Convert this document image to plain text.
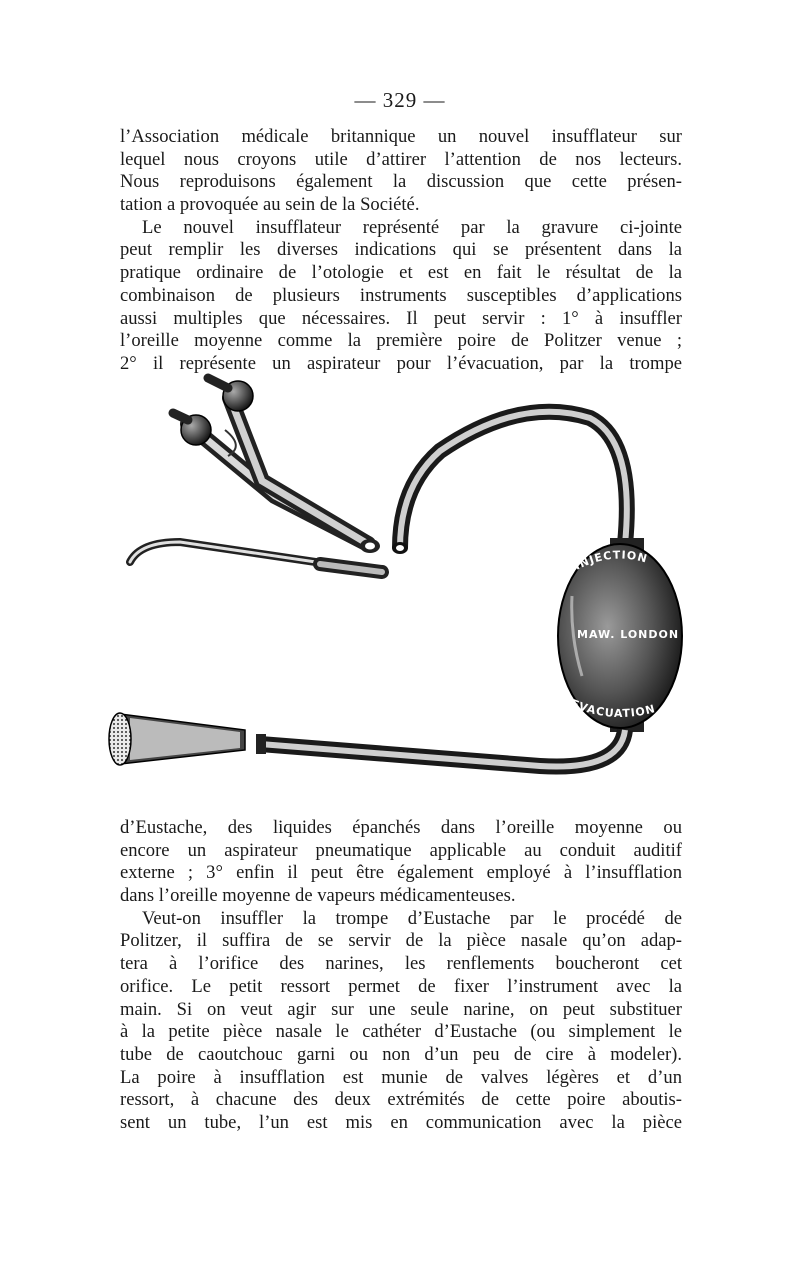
— 329 —
l’Association médicale britannique un nouvel insufflateur sur
lequel nous croyons utile d’attirer l’attention de nos lecteurs.
Nous reproduisons également la discussion que cette présen-
tation a provoquée au sein de la Société.
Le nouvel insufflateur représenté par la gravure ci-jointe
peut remplir les diverses indications qui se présentent dans la
pratique ordinaire de l’otologie et est en fait le résultat de la
combinaison de plusieurs instruments susceptibles d’applications
aussi multiples que nécessaires. Il peut servir : 1° à insuffler
l’oreille moyenne comme la première poire de Politzer venue ;
2° il représente un aspirateur pour l’évacuation, par la trompe
INJECTION
MAW. LONDON
EVACUATION
d’Eustache, des liquides épanchés dans l’oreille moyenne ou
encore un aspirateur pneumatique applicable au conduit auditif
externe ; 3° enfin il peut être également employé à l’insufflation
dans l’oreille moyenne de vapeurs médicamenteuses.
Veut-on insuffler la trompe d’Eustache par le procédé de
Politzer, il suffira de se servir de la pièce nasale qu’on adap-
tera à l’orifice des narines, les renflements boucheront cet
orifice. Le petit ressort permet de fixer l’instrument avec la
main. Si on veut agir sur une seule narine, on peut substituer
à la petite pièce nasale le cathéter d’Eustache (ou simplement le
tube de caoutchouc garni ou non d’un peu de cire à modeler).
La poire à insufflation est munie de valves légères et d’un
ressort, à chacune des deux extrémités de cette poire aboutis-
sent un tube, l’un est mis en communication avec la pièce
